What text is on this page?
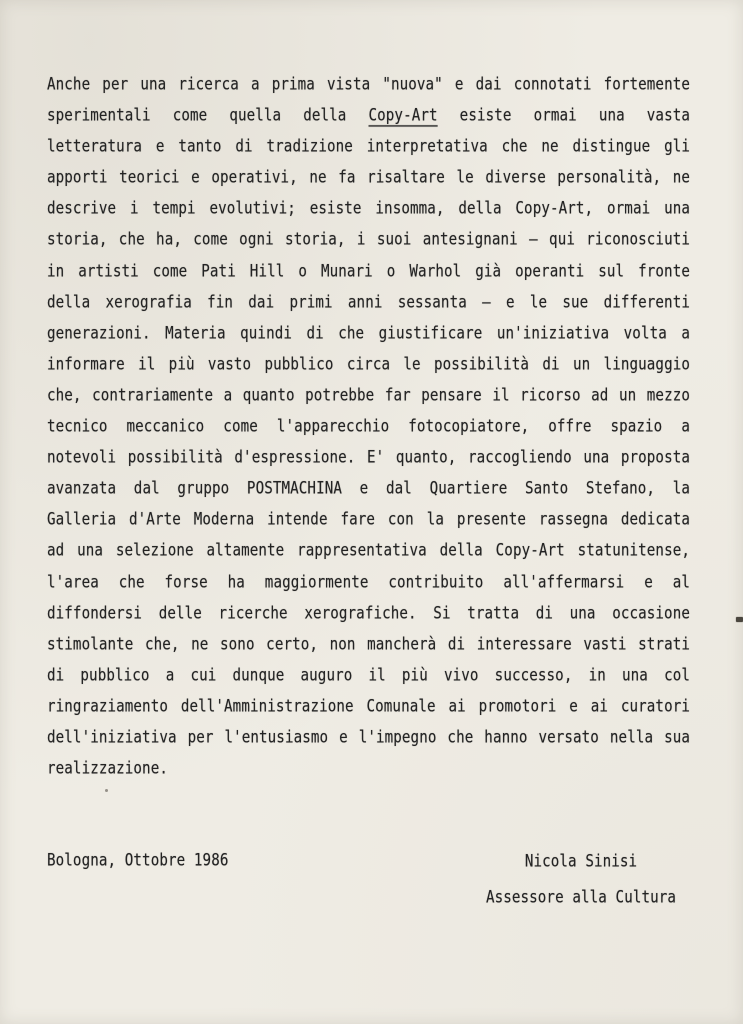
Anche per una ricerca a prima vista "nuova" e dai connotati fortemente
sperimentali come quella della Copy-Art esiste ormai una vasta
letteratura e tanto di tradizione interpretativa che ne distingue gli
apporti teorici e operativi, ne fa risaltare le diverse personalità, ne
descrive i tempi evolutivi; esiste insomma, della Copy-Art, ormai una
storia, che ha, come ogni storia, i suoi antesignani – qui riconosciuti
in artisti come Pati Hill o Munari o Warhol già operanti sul fronte
della xerografia fin dai primi anni sessanta – e le sue differenti
generazioni. Materia quindi di che giustificare un'iniziativa volta a
informare il più vasto pubblico circa le possibilità di un linguaggio
che, contrariamente a quanto potrebbe far pensare il ricorso ad un mezzo
tecnico meccanico come l'apparecchio fotocopiatore, offre spazio a
notevoli possibilità d'espressione. E' quanto, raccogliendo una proposta
avanzata dal gruppo POSTMACHINA e dal Quartiere Santo Stefano, la
Galleria d'Arte Moderna intende fare con la presente rassegna dedicata
ad una selezione altamente rappresentativa della Copy-Art statunitense,
l'area che forse ha maggiormente contribuito all'affermarsi e al
diffondersi delle ricerche xerografiche. Si tratta di una occasione
stimolante che, ne sono certo, non mancherà di interessare vasti strati
di pubblico a cui dunque auguro il più vivo successo, in una col
ringraziamento dell'Amministrazione Comunale ai promotori e ai curatori
dell'iniziativa per l'entusiasmo e l'impegno che hanno versato nella sua
realizzazione.
Bologna, Ottobre 1986	Nicola Sinisi
Assessore alla Cultura
